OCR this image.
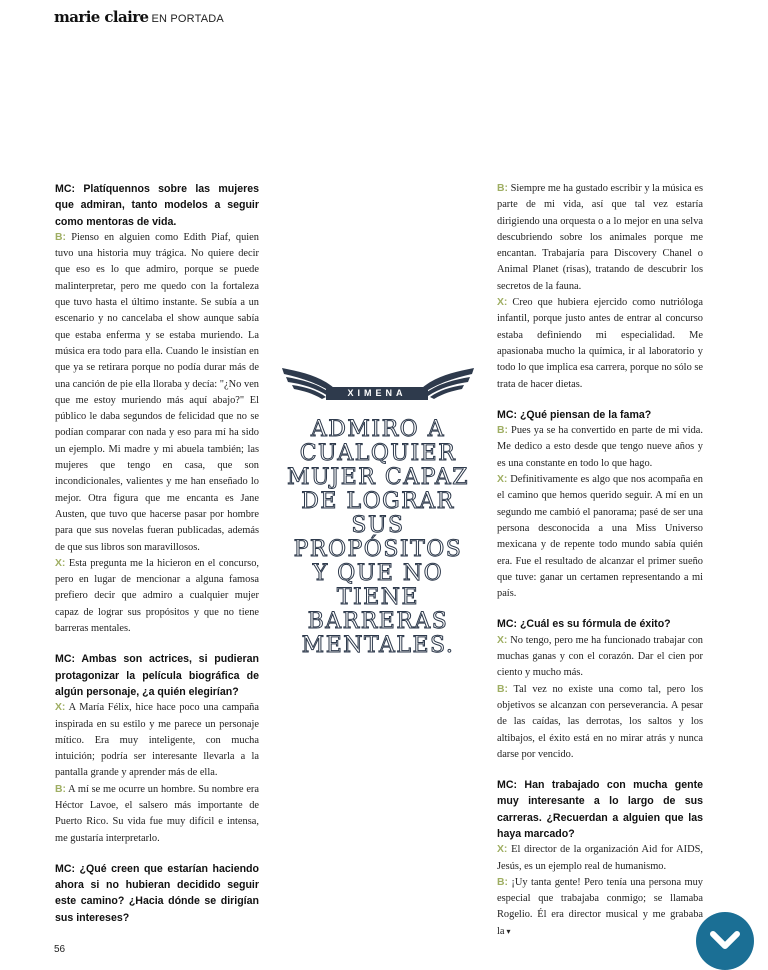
marie claire EN PORTADA

MC: Platíquennos sobre las mujeres que admiran, tanto modelos a seguir como mentoras de vida.

B: Pienso en alguien como Edith Piaf, quien tuvo una historia muy trágica. No quiere decir que eso es lo que admiro, porque se puede malinterpretar, pero me quedo con la fortaleza que tuvo hasta el último instante. Se subía a un escenario y no cancelaba el show aunque sabía que estaba enferma y se estaba muriendo. La música era todo para ella. Cuando le insistían en que ya se retirara porque no podía durar más de una canción de pie ella lloraba y decía: "¿No ven que me estoy muriendo más aquí abajo?" El público le daba segundos de felicidad que no se podían comparar con nada y eso para mí ha sido un ejemplo. Mi madre y mi abuela también; las mujeres que tengo en casa, que son incondicionales, valientes y me han enseñado lo mejor. Otra figura que me encanta es Jane Austen, que tuvo que hacerse pasar por hombre para que sus novelas fueran publicadas, además de que sus libros son maravillosos.

X: Esta pregunta me la hicieron en el concurso, pero en lugar de mencionar a alguna famosa prefiero decir que admiro a cualquier mujer capaz de lograr sus propósitos y que no tiene barreras mentales.

MC: Ambas son actrices, si pudieran protagonizar la película biográfica de algún personaje, ¿a quién elegirían?

X: A María Félix, hice hace poco una campaña inspirada en su estilo y me parece un personaje mítico. Era muy inteligente, con mucha intuición; podría ser interesante llevarla a la pantalla grande y aprender más de ella.

B: A mí se me ocurre un hombre. Su nombre era Héctor Lavoe, el salsero más importante de Puerto Rico. Su vida fue muy difícil e intensa, me gustaría interpretarlo.

MC: ¿Qué creen que estarían haciendo ahora si no hubieran decidido seguir este camino? ¿Hacia dónde se dirigían sus intereses?

B: Siempre me ha gustado escribir y la música es parte de mi vida, así que tal vez estaría dirigiendo una orquesta o a lo mejor en una selva descubriendo sobre los animales porque me encantan. Trabajaría para Discovery Chanel o Animal Planet (risas), tratando de descubrir los secretos de la fauna.

X: Creo que hubiera ejercido como nutrióloga infantil, porque justo antes de entrar al concurso estaba definiendo mi especialidad. Me apasionaba mucho la química, ir al laboratorio y todo lo que implica esa carrera, porque no sólo se trata de hacer dietas.

MC: ¿Qué piensan de la fama?

B: Pues ya se ha convertido en parte de mi vida. Me dedico a esto desde que tengo nueve años y es una constante en todo lo que hago.

X: Definitivamente es algo que nos acompaña en el camino que hemos querido seguir. A mí en un segundo me cambió el panorama; pasé de ser una persona desconocida a una Miss Universo mexicana y de repente todo mundo sabía quién era. Fue el resultado de alcanzar el primer sueño que tuve: ganar un certamen representando a mi país.

MC: ¿Cuál es su fórmula de éxito?

X: No tengo, pero me ha funcionado trabajar con muchas ganas y con el corazón. Dar el cien por ciento y mucho más.

B: Tal vez no existe una como tal, pero los objetivos se alcanzan con perseverancia. A pesar de las caídas, las derrotas, los saltos y los altibajos, el éxito está en no mirar atrás y nunca darse por vencido.

MC: Han trabajado con mucha gente muy interesante a lo largo de sus carreras. ¿Recuerdan a alguien que las haya marcado?

X: El director de la organización Aid for AIDS, Jesús, es un ejemplo real de humanismo.

B: ¡Uy tanta gente! Pero tenía una persona muy especial que trabajaba conmigo; se llamaba Rogelio. Él era director musical y me grababa la ▾

XIMENA

ADMIRO A CUALQUIER MUJER CAPAZ DE LOGRAR SUS PROPÓSITOS Y QUE NO TIENE BARRERAS MENTALES.

56
